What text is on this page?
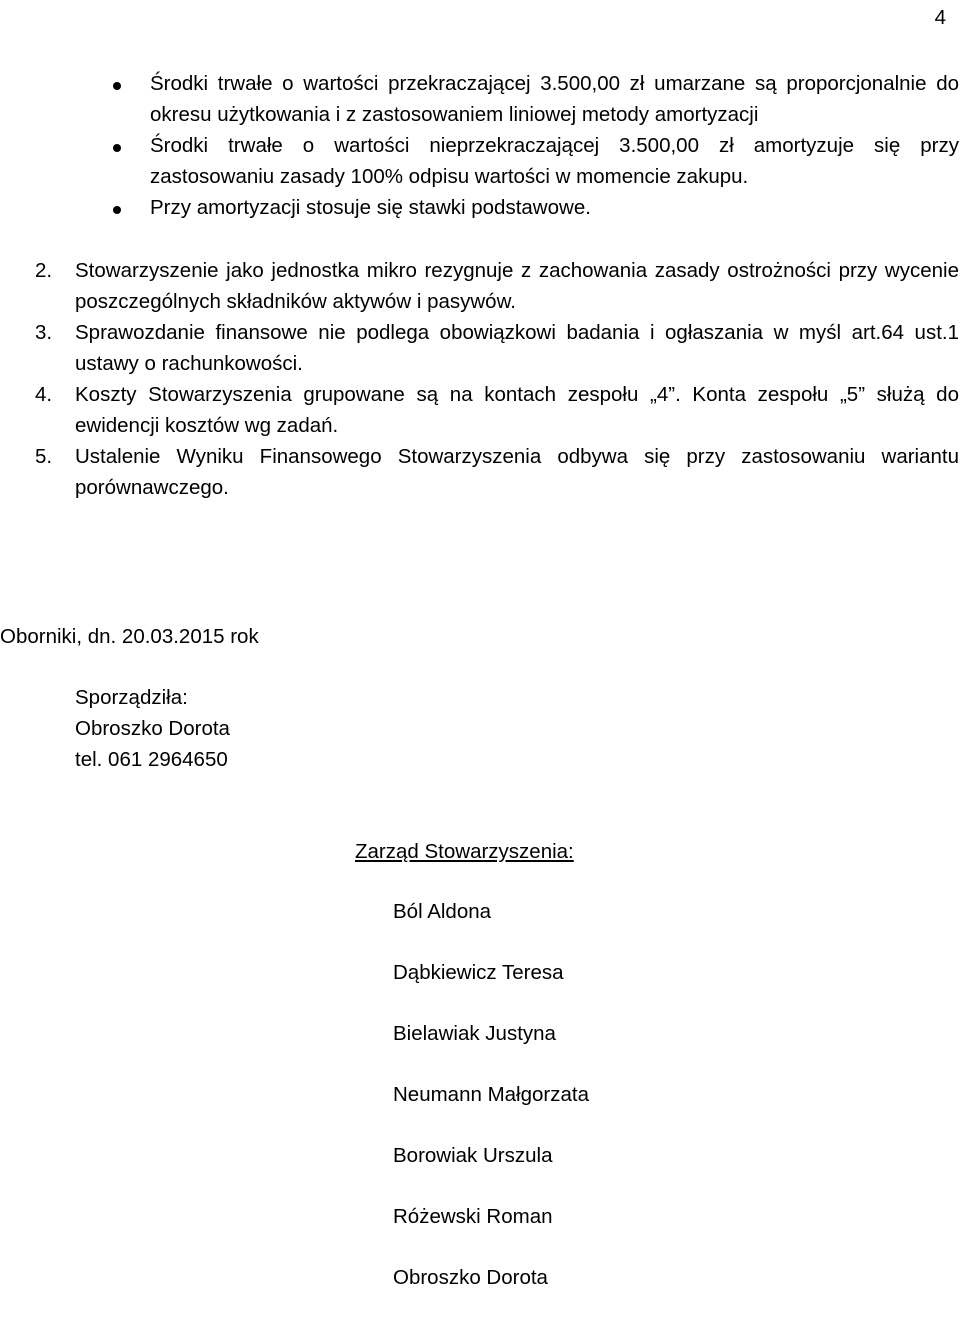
4
Środki trwałe o wartości przekraczającej 3.500,00 zł umarzane są proporcjonalnie do okresu użytkowania i z zastosowaniem liniowej metody amortyzacji
Środki trwałe o wartości nieprzekraczającej 3.500,00 zł amortyzuje się przy zastosowaniu zasady 100% odpisu wartości w momencie zakupu.
Przy amortyzacji stosuje się stawki podstawowe.
2. Stowarzyszenie jako jednostka mikro rezygnuje z zachowania zasady ostrożności przy wycenie poszczególnych składników aktywów i pasywów.
3. Sprawozdanie finansowe nie podlega obowiązkowi badania i ogłaszania w myśl art.64 ust.1 ustawy o rachunkowości.
4. Koszty Stowarzyszenia grupowane są na kontach zespołu „4”. Konta zespołu „5” służą do ewidencji kosztów wg zadań.
5. Ustalenie Wyniku Finansowego Stowarzyszenia odbywa się przy zastosowaniu wariantu porównawczego.
Oborniki, dn. 20.03.2015 rok
Sporządziła:
Obroszko Dorota
tel. 061 2964650
Zarząd Stowarzyszenia:
Ból Aldona
Dąbkiewicz Teresa
Bielawiak Justyna
Neumann Małgorzata
Borowiak Urszula
Różewski Roman
Obroszko Dorota
